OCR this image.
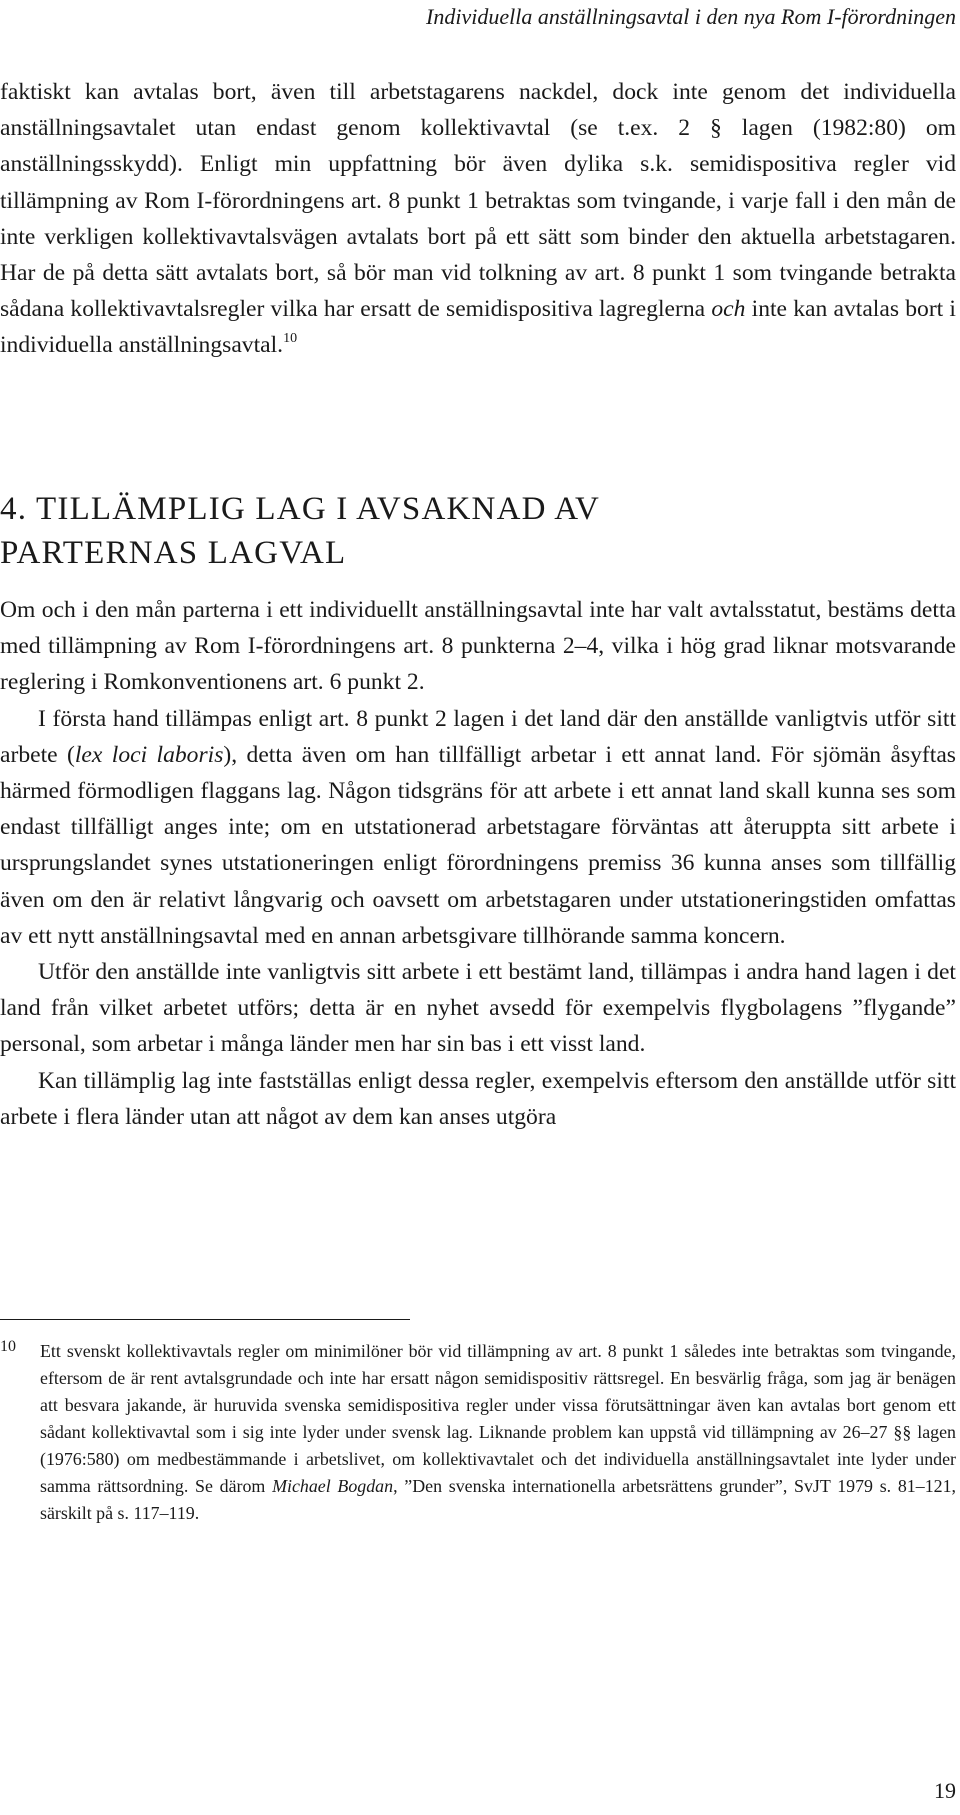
Individuella anställningsavtal i den nya Rom I-förordningen

faktiskt kan avtalas bort, även till arbetstagarens nackdel, dock inte genom det individuella anställningsavtalet utan endast genom kollektivavtal (se t.ex. 2 § lagen (1982:80) om anställningsskydd). Enligt min uppfattning bör även dylika s.k. semidispositiva regler vid tillämpning av Rom I-förordningens art. 8 punkt 1 betraktas som tvingande, i varje fall i den mån de inte verkligen kollektivavtalsvägen avtalats bort på ett sätt som binder den aktuella arbetstagaren. Har de på detta sätt avtalats bort, så bör man vid tolkning av art. 8 punkt 1 som tvingande betrakta sådana kollektivavtalsregler vilka har ersatt de semidispositiva lagreglerna och inte kan avtalas bort i individuella anställningsavtal.$^{10}$

4. TILLÄMPLIG LAG I AVSAKNAD AV
PARTERNAS LAGVAL

Om och i den mån parterna i ett individuellt anställningsavtal inte har valt avtalsstatut, bestäms detta med tillämpning av Rom I-förordningens art. 8 punkterna 2–4, vilka i hög grad liknar motsvarande reglering i Romkonventionens art. 6 punkt 2.

I första hand tillämpas enligt art. 8 punkt 2 lagen i det land där den anställde vanligtvis utför sitt arbete (lex loci laboris), detta även om han tillfälligt arbetar i ett annat land. För sjömän åsyftas härmed förmodligen flaggans lag. Någon tidsgräns för att arbete i ett annat land skall kunna ses som endast tillfälligt anges inte; om en utstationerad arbetstagare förväntas att återuppta sitt arbete i ursprungslandet synes utstationeringen enligt förordningens premiss 36 kunna anses som tillfällig även om den är relativt långvarig och oavsett om arbetstagaren under utstationeringstiden omfattas av ett nytt anställningsavtal med en annan arbetsgivare tillhörande samma koncern.

Utför den anställde inte vanligtvis sitt arbete i ett bestämt land, tillämpas i andra hand lagen i det land från vilket arbetet utförs; detta är en nyhet avsedd för exempelvis flygbolagens ”flygande” personal, som arbetar i många länder men har sin bas i ett visst land.

Kan tillämplig lag inte fastställas enligt dessa regler, exempelvis eftersom den anställde utför sitt arbete i flera länder utan att något av dem kan anses utgöra

10 Ett svenskt kollektivavtals regler om minimilöner bör vid tillämpning av art. 8 punkt 1 således inte betraktas som tvingande, eftersom de är rent avtalsgrundade och inte har ersatt någon semidispositiv rättsregel. En besvärlig fråga, som jag är benägen att besvara jakande, är huruvida svenska semidispositiva regler under vissa förutsättningar även kan avtalas bort genom ett sådant kollektivavtal som i sig inte lyder under svensk lag. Liknande problem kan uppstå vid tillämpning av 26–27 §§ lagen (1976:580) om medbestämmande i arbetslivet, om kollektivavtalet och det individuella anställningsavtalet inte lyder under samma rättsordning. Se därom Michael Bogdan, ”Den svenska internationella arbetsrättens grunder”, SvJT 1979 s. 81–121, särskilt på s. 117–119.
19
